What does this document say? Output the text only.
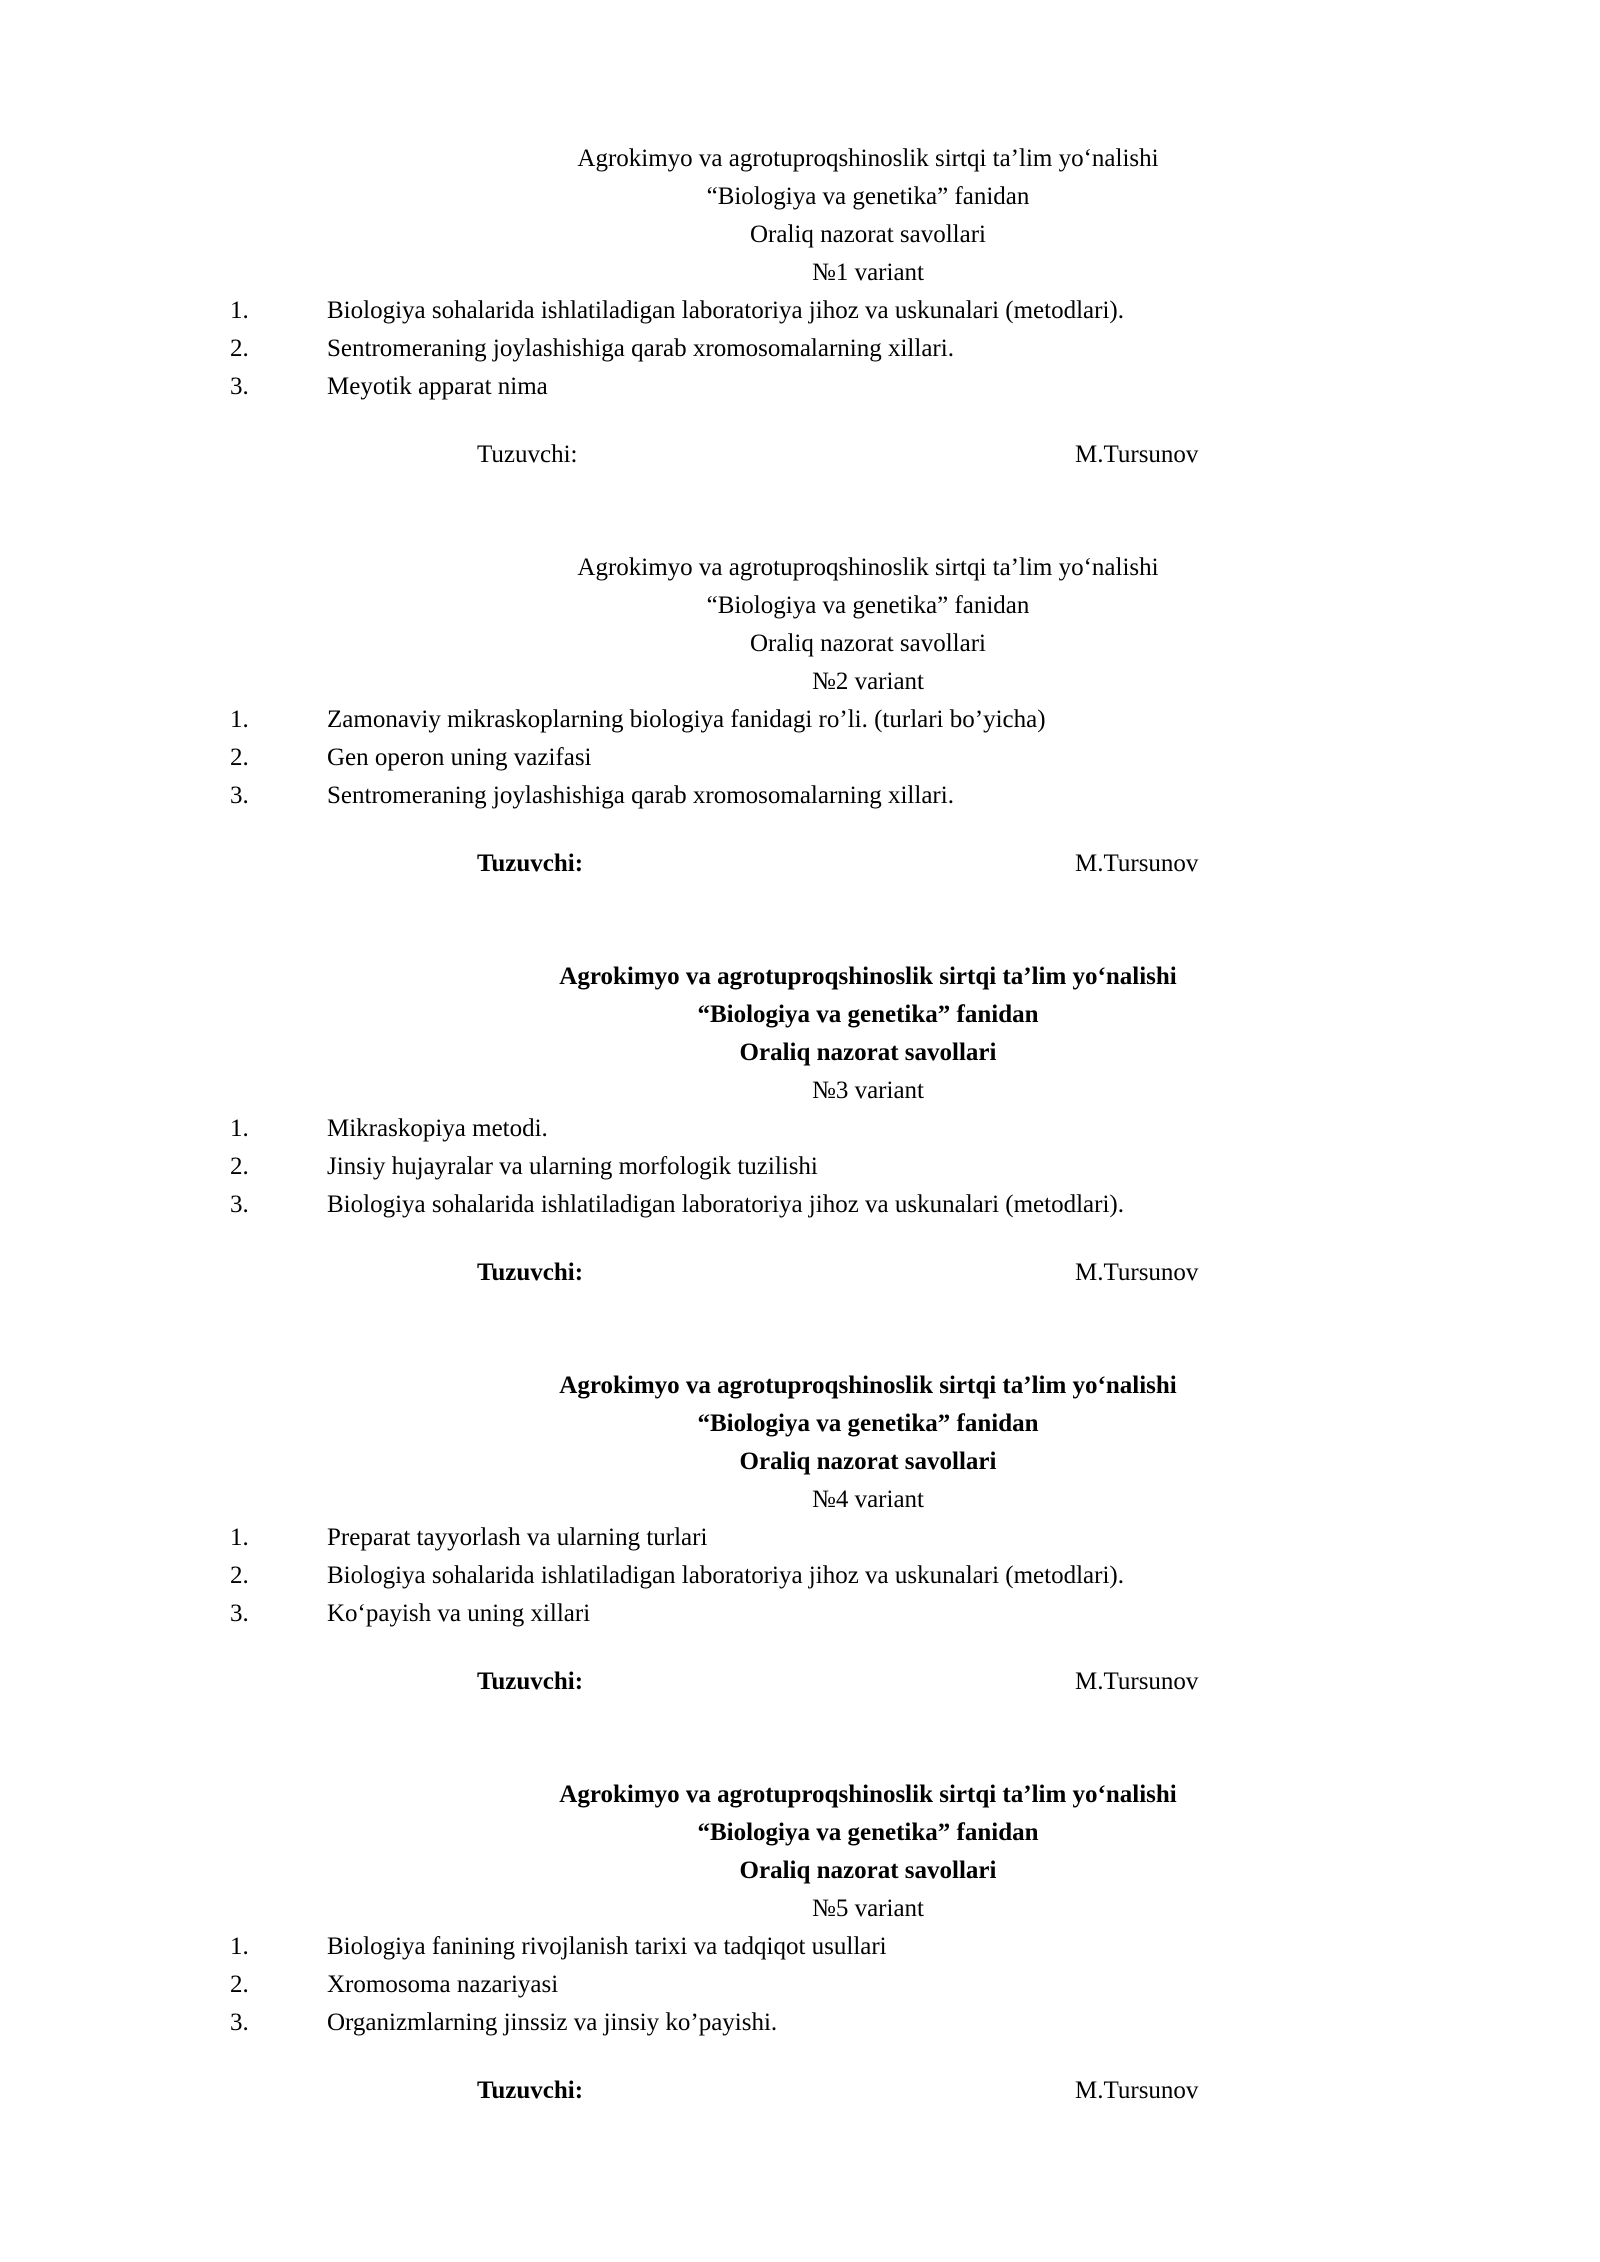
Agrokimyo va agrotuproqshinoslik sirtqi ta’lim yo‘nalishi
“Biologiya va genetika” fanidan
Oraliq nazorat savollari
№1 variant
1.	Biologiya sohalarida ishlatiladigan laboratoriya jihoz va uskunalari (metodlari).
2.	Sentromeraning joylashishiga qarab xromosomalarning xillari.
3.	Meyotik apparat nima
Tuzuvchi:	M.Tursunov
Agrokimyo va agrotuproqshinoslik sirtqi ta’lim yo‘nalishi
“Biologiya va genetika” fanidan
Oraliq nazorat savollari
№2 variant
1.	Zamonaviy mikraskoplarning biologiya fanidagi ro’li. (turlari bo’yicha)
2.	Gen operon uning vazifasi
3.	Sentromeraning joylashishiga qarab xromosomalarning xillari.
Tuzuvchi:	M.Tursunov
Agrokimyo va agrotuproqshinoslik sirtqi ta’lim yo‘nalishi
“Biologiya va genetika” fanidan
Oraliq nazorat savollari
№3 variant
1.	Mikraskopiya metodi.
2.	Jinsiy hujayralar va ularning morfologik tuzilishi
3.	Biologiya sohalarida ishlatiladigan laboratoriya jihoz va uskunalari (metodlari).
Tuzuvchi:	M.Tursunov
Agrokimyo va agrotuproqshinoslik sirtqi ta’lim yo‘nalishi
“Biologiya va genetika” fanidan
Oraliq nazorat savollari
№4 variant
1.	Preparat tayyorlash va ularning turlari
2.	Biologiya sohalarida ishlatiladigan laboratoriya jihoz va uskunalari (metodlari).
3.	Ko‘payish va uning xillari
Tuzuvchi:	M.Tursunov
Agrokimyo va agrotuproqshinoslik sirtqi ta’lim yo‘nalishi
“Biologiya va genetika” fanidan
Oraliq nazorat savollari
№5 variant
1.	Biologiya fanining rivojlanish tarixi va tadqiqot usullari
2.	Xromosoma nazariyasi
3.	Organizmlarning jinssiz va jinsiy ko’payishi.
Tuzuvchi:	M.Tursunov
